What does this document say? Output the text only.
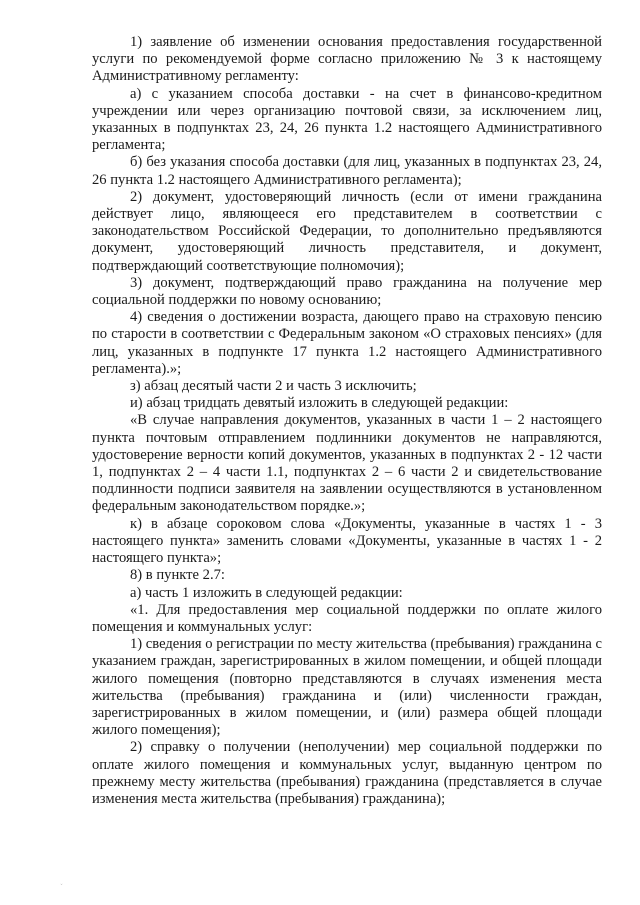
1) заявление об изменении основания предоставления государственной услуги по рекомендуемой форме согласно приложению № 3 к настоящему Административному регламенту:

а) с указанием способа доставки - на счет в финансово-кредитном учреждении или через организацию почтовой связи, за исключением лиц, указанных в подпунктах 23, 24, 26 пункта 1.2 настоящего Административного регламента;

б) без указания способа доставки (для лиц, указанных в подпунктах 23, 24, 26 пункта 1.2 настоящего Административного регламента);

2) документ, удостоверяющий личность (если от имени гражданина действует лицо, являющееся его представителем в соответствии с законодательством Российской Федерации, то дополнительно предъявляются документ, удостоверяющий личность представителя, и документ, подтверждающий соответствующие полномочия);

3) документ, подтверждающий право гражданина на получение мер социальной поддержки по новому основанию;

4) сведения о достижении возраста, дающего право на страховую пенсию по старости в соответствии с Федеральным законом «О страховых пенсиях» (для лиц, указанных в подпункте 17 пункта 1.2 настоящего Административного регламента).»;

з) абзац десятый части 2 и часть 3 исключить;

и) абзац тридцать девятый изложить в следующей редакции:

«В случае направления документов, указанных в части 1 – 2 настоящего пункта почтовым отправлением подлинники документов не направляются, удостоверение верности копий документов, указанных в подпунктах 2 - 12 части 1, подпунктах 2 – 4 части 1.1, подпунктах 2 – 6 части 2 и свидетельствование подлинности подписи заявителя на заявлении осуществляются в установленном федеральным законодательством порядке.»;

к) в абзаце сороковом слова «Документы, указанные в частях 1 - 3 настоящего пункта» заменить словами «Документы, указанные в частях 1 - 2 настоящего пункта»;

8) в пункте 2.7:

а) часть 1 изложить в следующей редакции:

«1. Для предоставления мер социальной поддержки по оплате жилого помещения и коммунальных услуг:

1) сведения о регистрации по месту жительства (пребывания) гражданина с указанием граждан, зарегистрированных в жилом помещении, и общей площади жилого помещения (повторно представляются в случаях изменения места жительства (пребывания) гражданина и (или) численности граждан, зарегистрированных в жилом помещении, и (или) размера общей площади жилого помещения);

2) справку о получении (неполучении) мер социальной поддержки по оплате жилого помещения и коммунальных услуг, выданную центром по прежнему месту жительства (пребывания) гражданина (представляется в случае изменения места жительства (пребывания) гражданина);

ˇ
